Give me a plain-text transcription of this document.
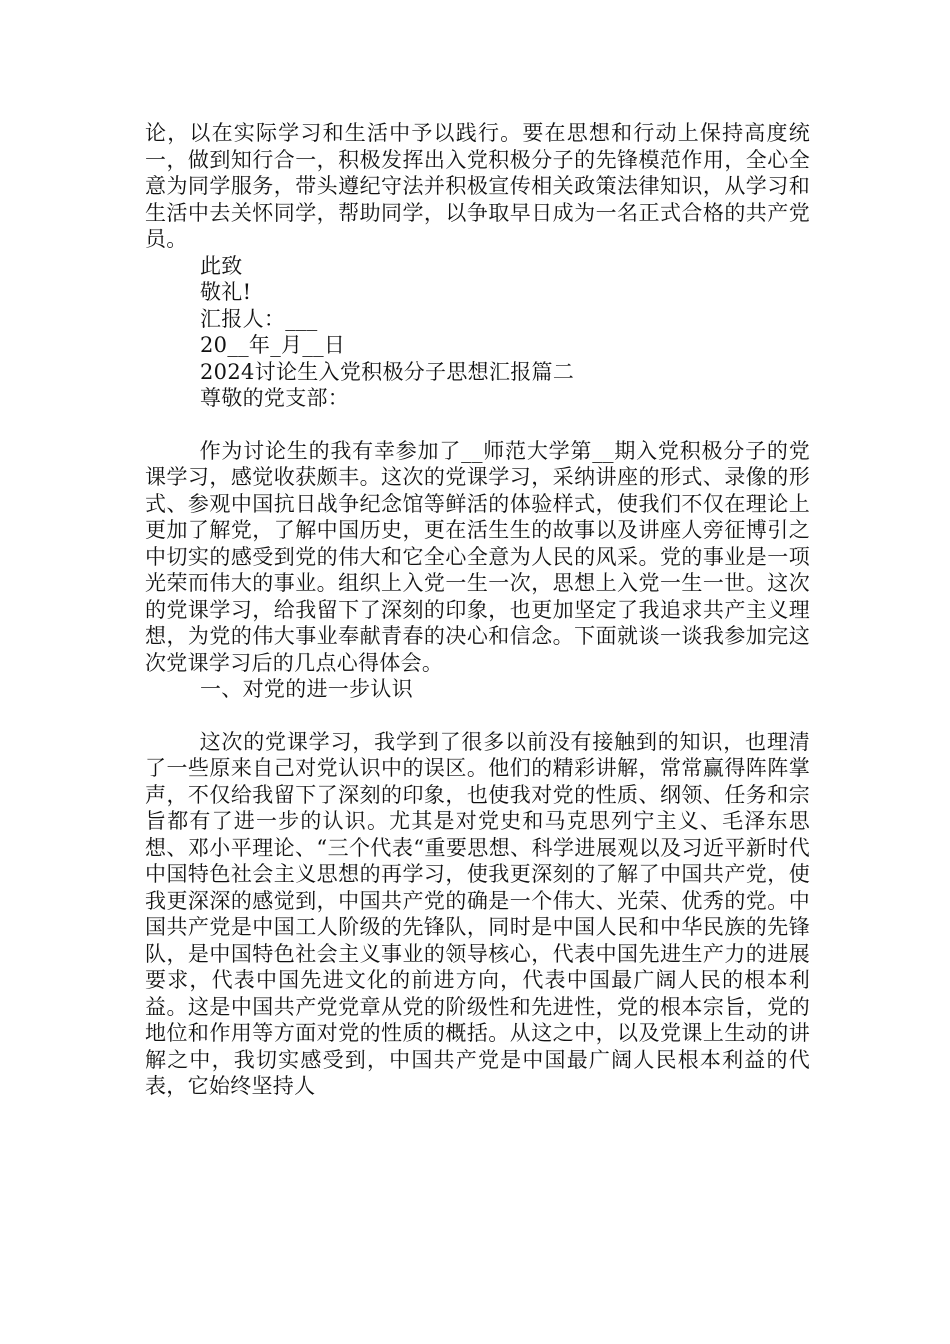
论，以在实际学习和生活中予以践行。要在思想和行动上保持高度统一，做到知行合一，积极发挥出入党积极分子的先锋模范作用，全心全意为同学服务，带头遵纪守法并积极宣传相关政策法律知识，从学习和生活中去关怀同学，帮助同学，以争取早日成为一名正式合格的共产党员。

此致

敬礼!

汇报人：___

20__年_月__日

2024讨论生入党积极分子思想汇报篇二

尊敬的党支部：

作为讨论生的我有幸参加了__师范大学第__期入党积极分子的党课学习，感觉收获颇丰。这次的党课学习，采纳讲座的形式、录像的形式、参观中国抗日战争纪念馆等鲜活的体验样式，使我们不仅在理论上更加了解党，了解中国历史，更在活生生的故事以及讲座人旁征博引之中切实的感受到党的伟大和它全心全意为人民的风采。党的事业是一项光荣而伟大的事业。组织上入党一生一次，思想上入党一生一世。这次的党课学习，给我留下了深刻的印象，也更加坚定了我追求共产主义理想，为党的伟大事业奉献青春的决心和信念。下面就谈一谈我参加完这次党课学习后的几点心得体会。

一、对党的进一步认识

这次的党课学习，我学到了很多以前没有接触到的知识，也理清了一些原来自己对党认识中的误区。他们的精彩讲解，常常赢得阵阵掌声，不仅给我留下了深刻的印象，也使我对党的性质、纲领、任务和宗旨都有了进一步的认识。尤其是对党史和马克思列宁主义、毛泽东思想、邓小平理论、“三个代表“重要思想、科学进展观以及习近平新时代中国特色社会主义思想的再学习，使我更深刻的了解了中国共产党，使我更深深的感觉到，中国共产党的确是一个伟大、光荣、优秀的党。中国共产党是中国工人阶级的先锋队，同时是中国人民和中华民族的先锋队，是中国特色社会主义事业的领导核心，代表中国先进生产力的进展要求，代表中国先进文化的前进方向，代表中国最广阔人民的根本利益。这是中国共产党党章从党的阶级性和先进性，党的根本宗旨，党的地位和作用等方面对党的性质的概括。从这之中，以及党课上生动的讲解之中，我切实感受到，中国共产党是中国最广阔人民根本利益的代表，它始终坚持人
